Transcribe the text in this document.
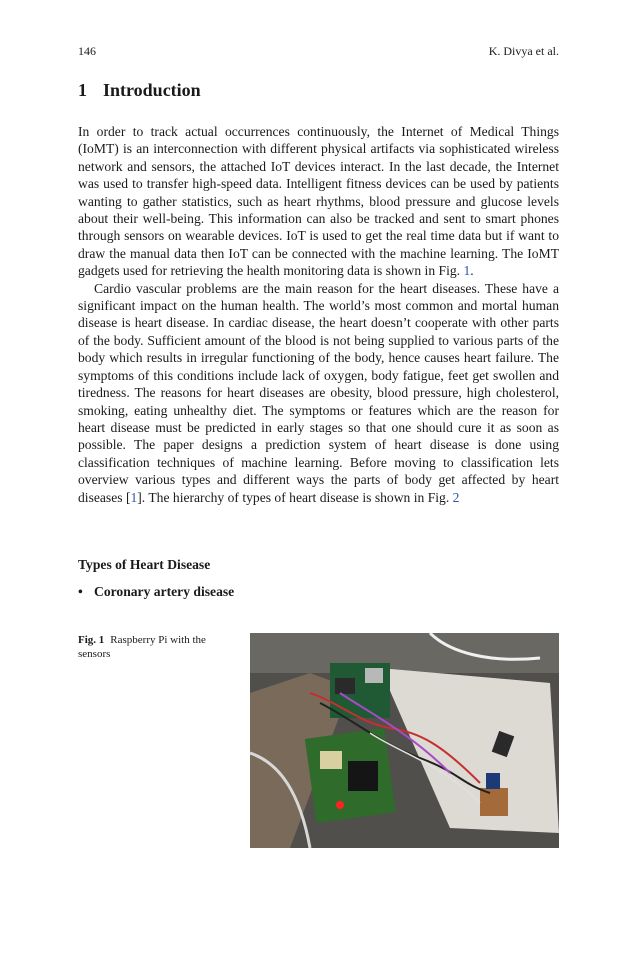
146	K. Divya et al.
1 Introduction

In order to track actual occurrences continuously, the Internet of Medical Things (IoMT) is an interconnection with different physical artifacts via sophisticated wireless network and sensors, the attached IoT devices interact. In the last decade, the Internet was used to transfer high-speed data. Intelligent fitness devices can be used by patients wanting to gather statistics, such as heart rhythms, blood pressure and glucose levels about their well-being. This information can also be tracked and sent to smart phones through sensors on wearable devices. IoT is used to get the real time data but if want to draw the manual data then IoT can be connected with the machine learning. The IoMT gadgets used for retrieving the health monitoring data is shown in Fig. 1.

Cardio vascular problems are the main reason for the heart diseases. These have a significant impact on the human health. The world’s most common and mortal human disease is heart disease. In cardiac disease, the heart doesn’t cooperate with other parts of the body. Sufficient amount of the blood is not being supplied to various parts of the body which results in irregular functioning of the body, hence causes heart failure. The symptoms of this conditions include lack of oxygen, body fatigue, feet get swollen and tiredness. The reasons for heart diseases are obesity, blood pressure, high cholesterol, smoking, eating unhealthy diet. The symptoms or features which are the reason for heart disease must be predicted in early stages so that one should cure it as soon as possible. The paper designs a prediction system of heart disease is done using classification techniques of machine learning. Before moving to classification lets overview various types and different ways the parts of body get affected by heart diseases [1]. The hierarchy of types of heart disease is shown in Fig. 2

Types of Heart Disease
• Coronary artery disease
Fig. 1 Raspberry Pi with the sensors
